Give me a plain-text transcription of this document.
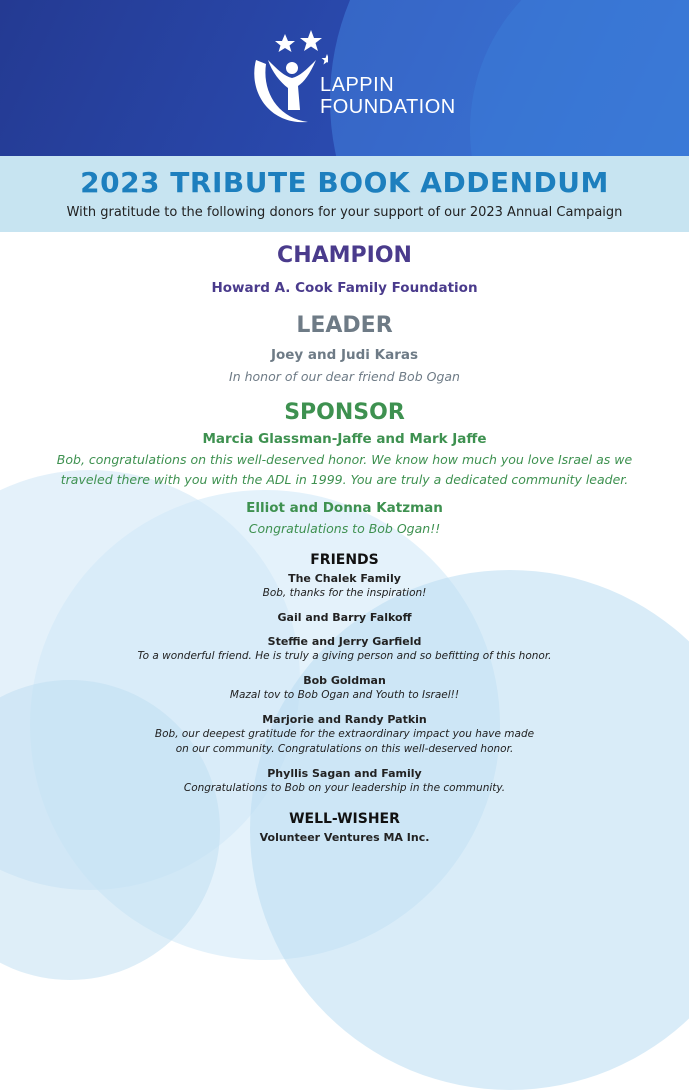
LAPPIN
FOUNDATION
2023 TRIBUTE BOOK ADDENDUM
With gratitude to the following donors for your support of our 2023 Annual Campaign
CHAMPION
Howard A. Cook Family Foundation
LEADER
Joey and Judi Karas
In honor of our dear friend Bob Ogan
SPONSOR
Marcia Glassman-Jaffe and Mark Jaffe
Bob, congratulations on this well-deserved honor. We know how much you love Israel as we
traveled there with you with the ADL in 1999. You are truly a dedicated community leader.
Elliot and Donna Katzman
Congratulations to Bob Ogan!!
FRIENDS
The Chalek Family
Bob, thanks for the inspiration!
Gail and Barry Falkoff
Steffie and Jerry Garfield
To a wonderful friend. He is truly a giving person and so befitting of this honor.
Bob Goldman
Mazal tov to Bob Ogan and Youth to Israel!!
Marjorie and Randy Patkin
Bob, our deepest gratitude for the extraordinary impact you have made
on our community. Congratulations on this well-deserved honor.
Phyllis Sagan and Family
Congratulations to Bob on your leadership in the community.
WELL-WISHER
Volunteer Ventures MA Inc.
